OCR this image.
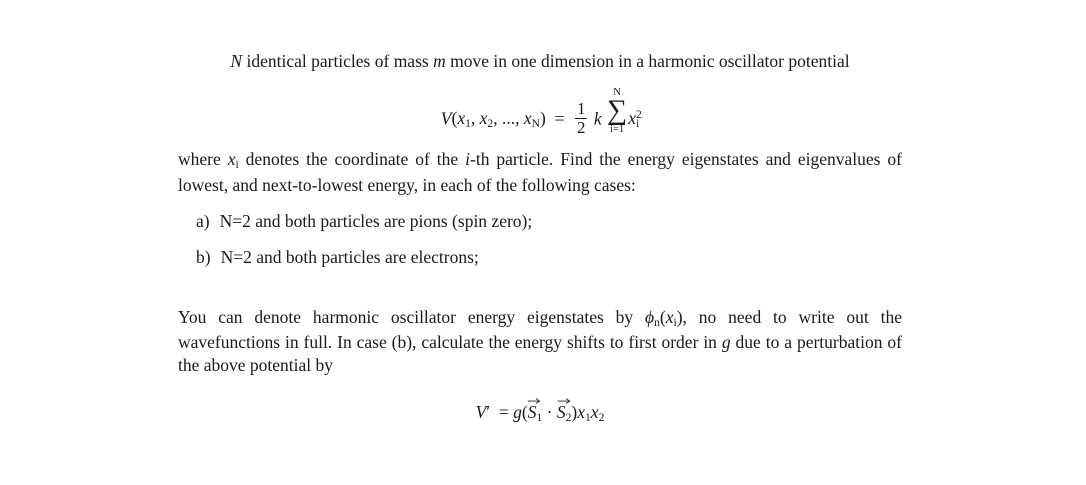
N identical particles of mass m move in one dimension in a harmonic oscillator potential
$V(x_1$, $x_2$, ..., $x_N) = \frac{1}{2}$ k
N
∑
i=1
$x^2_i$
where $x_i$ denotes the coordinate of the i-th particle. Find the energy eigenstates and eigenvalues of lowest, and next-to-lowest energy, in each of the following cases:
a) N=2 and both particles are pions (spin zero);
b) N=2 and both particles are electrons;
You can denote harmonic oscillator energy eigenstates by $\phi_n(x_i)$, no need to write out the wavefunctions in full. In case (b), calculate the energy shifts to first order in g due to a perturbation of the above potential by
V′  = g(
$S_1$ ·
$S_2)x_1x_2$
